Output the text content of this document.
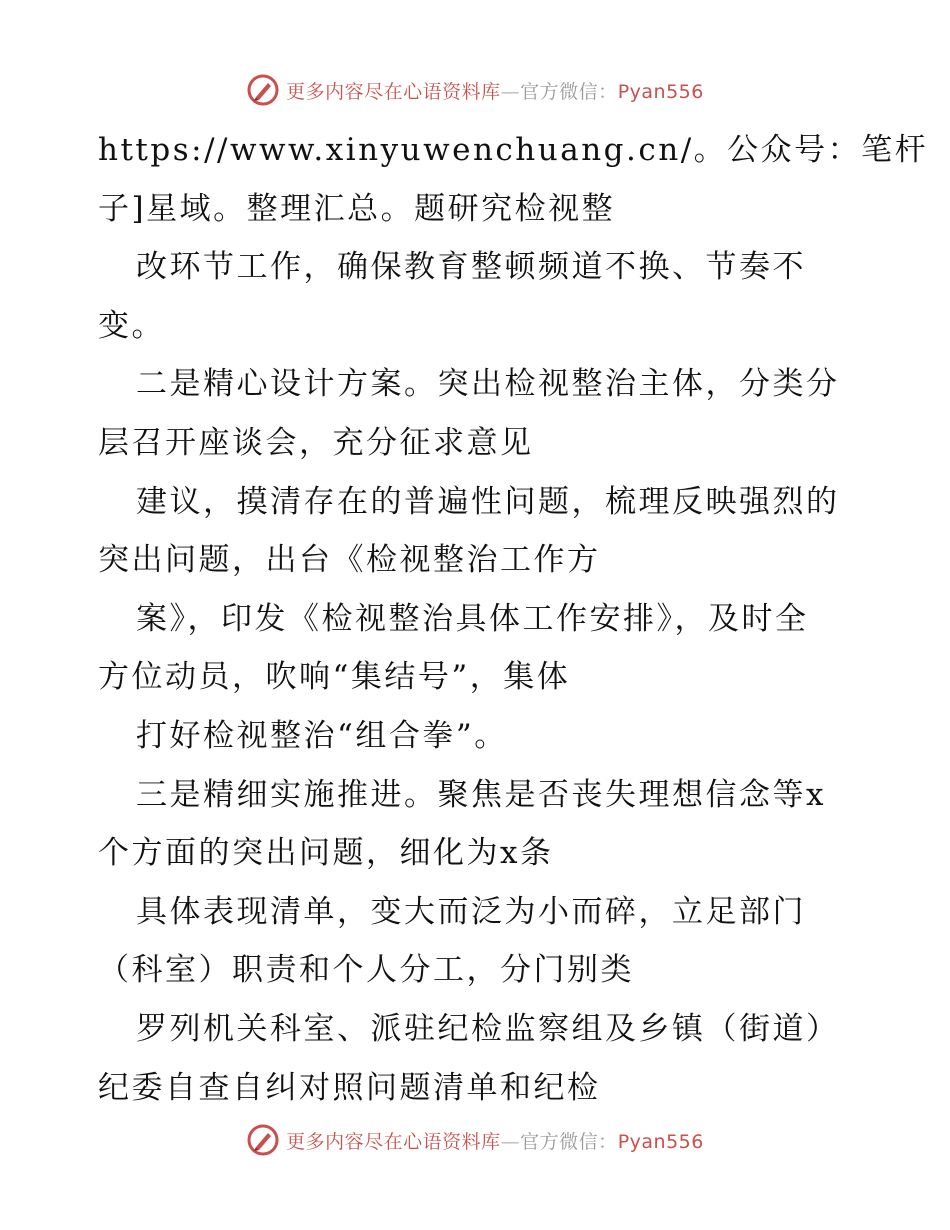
更多内容尽在心语资料库—官方微信：Pyan556
https://www.xinyuwenchuang.cn/。公众号：笔杆
子]星域。整理汇总。题研究检视整
改环节工作，确保教育整顿频道不换、节奏不
变。
二是精心设计方案。突出检视整治主体，分类分
层召开座谈会，充分征求意见
建议，摸清存在的普遍性问题，梳理反映强烈的
突出问题，出台《检视整治工作方
案》，印发《检视整治具体工作安排》，及时全
方位动员，吹响“集结号”，集体
打好检视整治“组合拳”。
三是精细实施推进。聚焦是否丧失理想信念等x
个方面的突出问题，细化为x条
具体表现清单，变大而泛为小而碎，立足部门
（科室）职责和个人分工，分门别类
罗列机关科室、派驻纪检监察组及乡镇（街道）
纪委自查自纠对照问题清单和纪检
更多内容尽在心语资料库—官方微信：Pyan556
